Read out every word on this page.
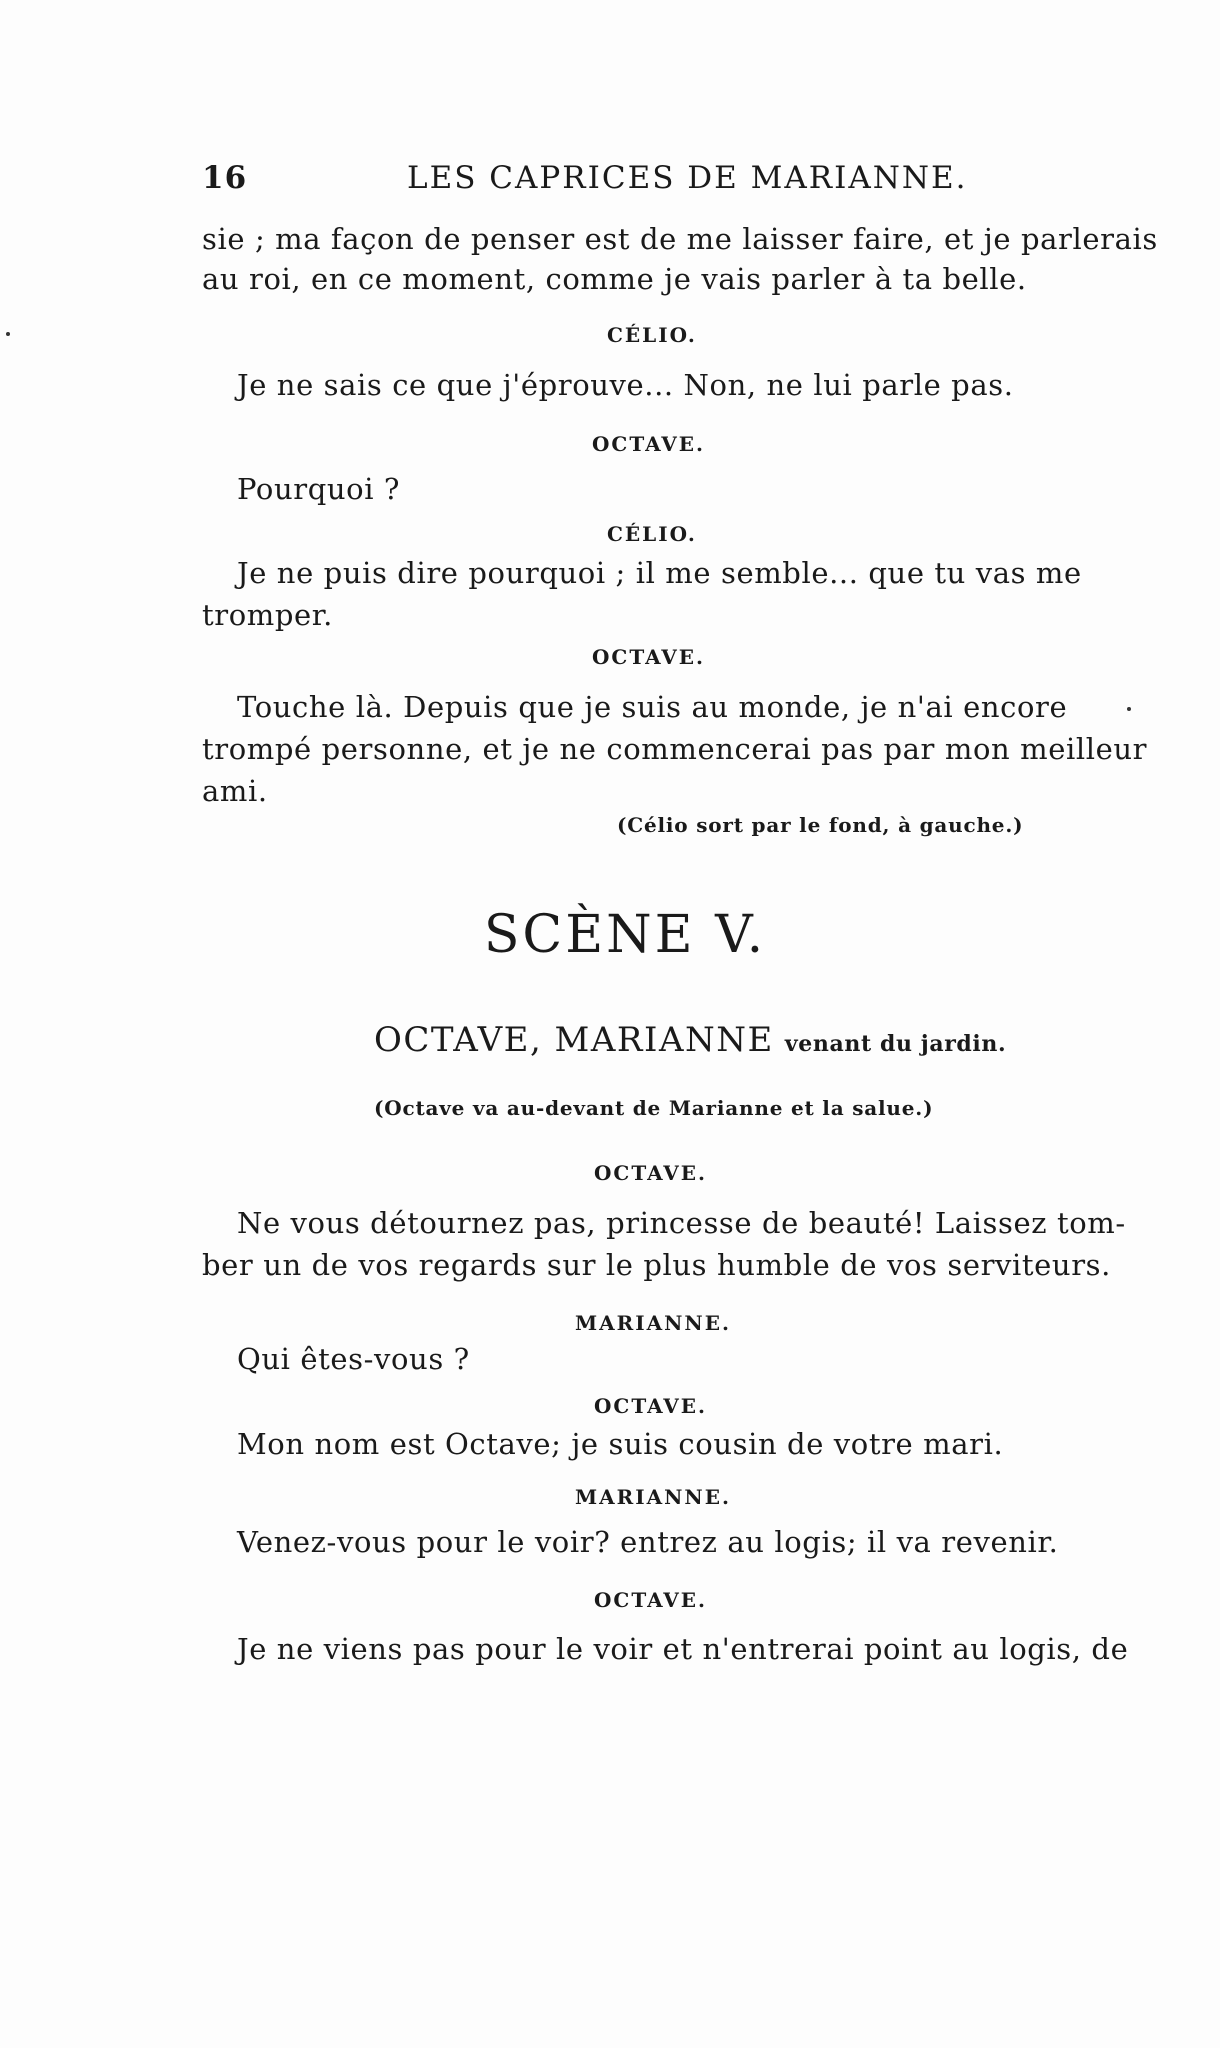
16	LES CAPRICES DE MARIANNE.
sie ; ma façon de penser est de me laisser faire, et je parlerais
au roi, en ce moment, comme je vais parler à ta belle.
CÉLIO.
Je ne sais ce que j'éprouve... Non, ne lui parle pas.
OCTAVE.
Pourquoi ?
CÉLIO.
Je ne puis dire pourquoi ; il me semble... que tu vas me
tromper.
OCTAVE.
Touche là. Depuis que je suis au monde, je n'ai encore
trompé personne, et je ne commencerai pas par mon meilleur
ami.
(Célio sort par le fond, à gauche.)
SCÈNE V.
OCTAVE, MARIANNE venant du jardin.
(Octave va au-devant de Marianne et la salue.)
OCTAVE.
Ne vous détournez pas, princesse de beauté! Laissez tom-
ber un de vos regards sur le plus humble de vos serviteurs.
MARIANNE.
Qui êtes-vous ?
OCTAVE.
Mon nom est Octave; je suis cousin de votre mari.
MARIANNE.
Venez-vous pour le voir? entrez au logis; il va revenir.
OCTAVE.
Je ne viens pas pour le voir et n'entrerai point au logis, de
